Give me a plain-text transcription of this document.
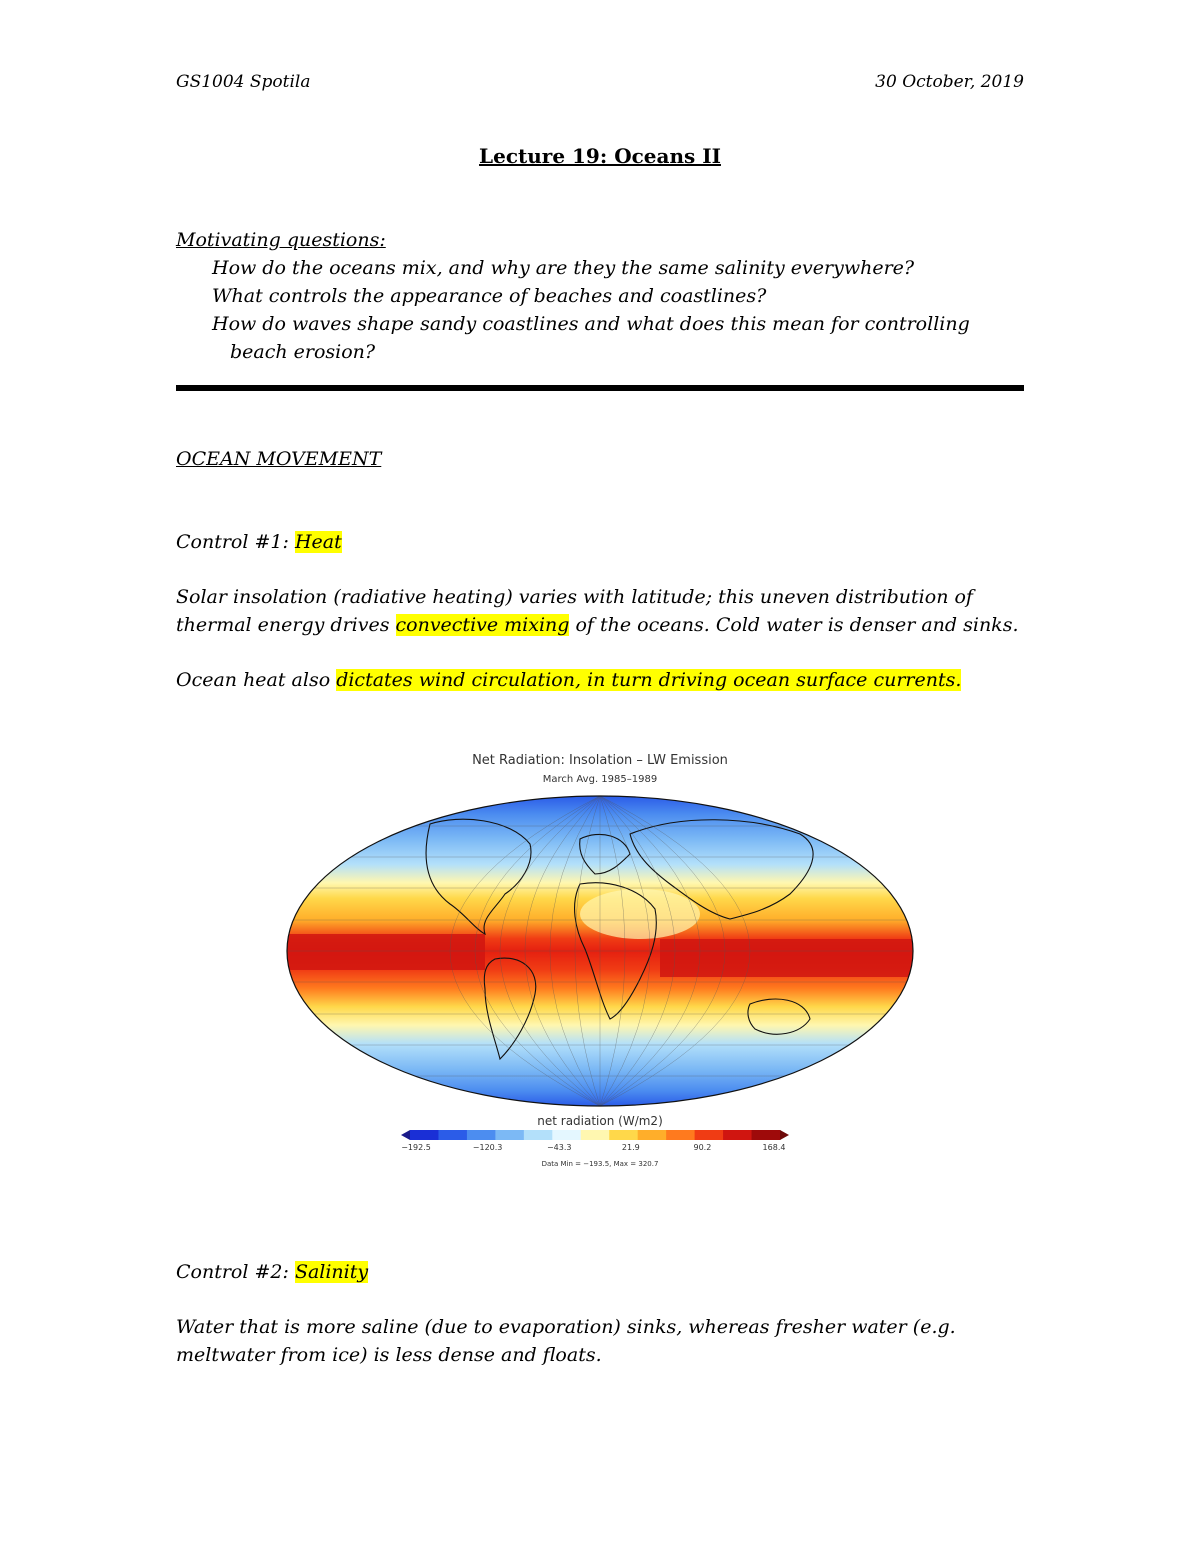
GS1004 Spotila	30 October, 2019
Lecture 19: Oceans II
Motivating questions:
How do the oceans mix, and why are they the same salinity everywhere?
What controls the appearance of beaches and coastlines?
How do waves shape sandy coastlines and what does this mean for controlling
beach erosion?
OCEAN MOVEMENT
Control #1: Heat
Solar insolation (radiative heating) varies with latitude; this uneven distribution of
thermal energy drives convective mixing of the oceans. Cold water is denser and sinks.
Ocean heat also dictates wind circulation, in turn driving ocean surface currents.
Net Radiation: Insolation – LW Emission
March Avg. 1985–1989
net radiation (W/m2)
−192.5	−120.3	−43.3	21.9	90.2	168.4
Data Min = −193.5, Max = 320.7
Control #2: Salinity
Water that is more saline (due to evaporation) sinks, whereas fresher water (e.g.
meltwater from ice) is less dense and floats.
